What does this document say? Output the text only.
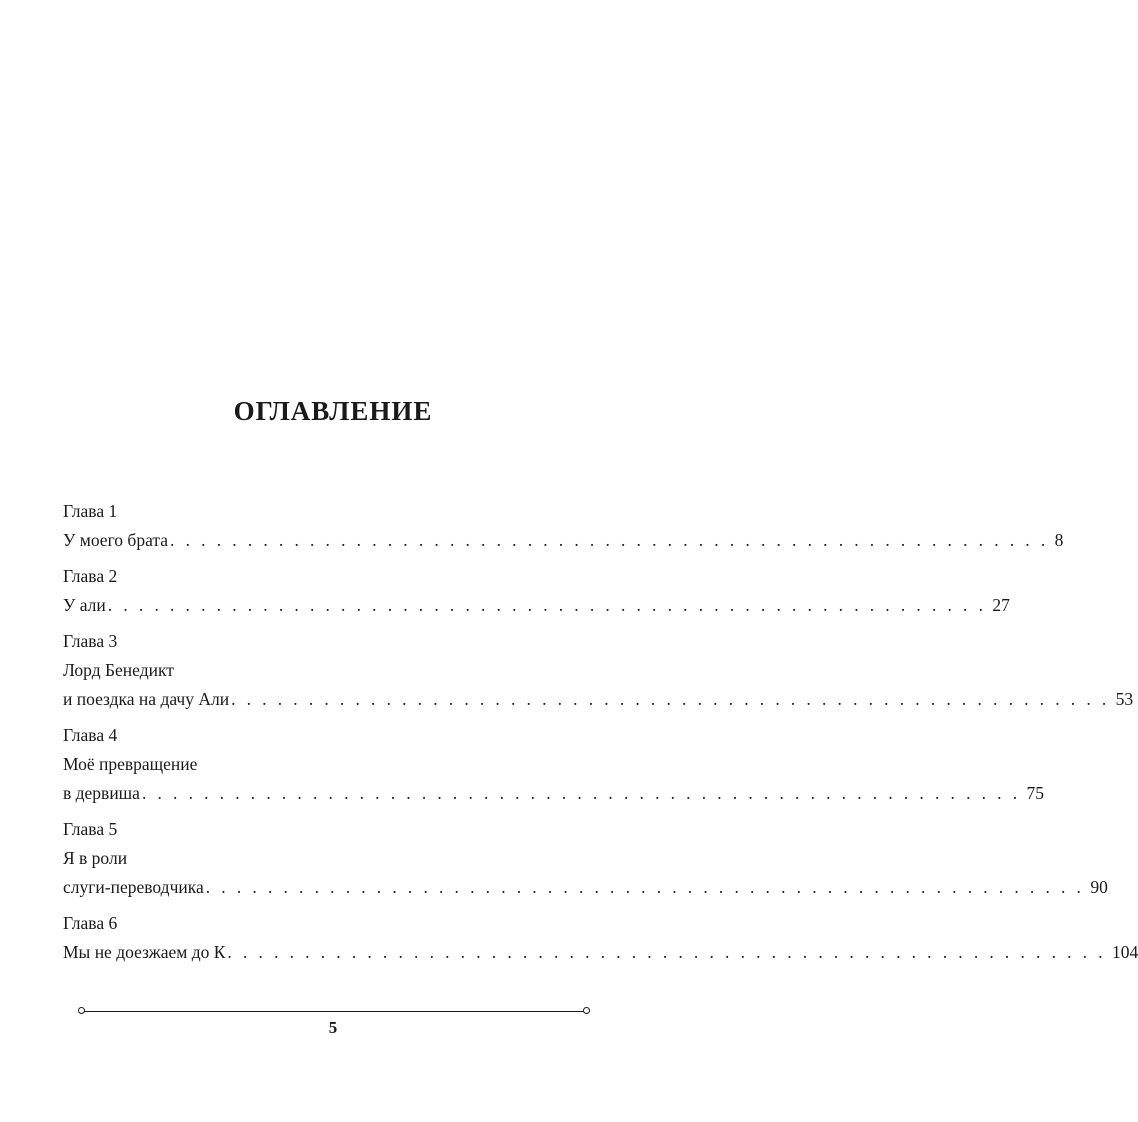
ОГЛАВЛЕНИЕ
Глава 1
У моего брата . . . . . . . . . . . . . . . . . . . . . . . . . . . . . . . . . . . . . . . . . . . . . . . . . . . . . . . . . 8
Глава 2
У али . . . . . . . . . . . . . . . . . . . . . . . . . . . . . . . . . . . . . . . . . . . . . . . . . . . . . . . . . 27
Глава 3
Лорд Бенедикт
и поездка на дачу Али . . . . . . . . . . . . . . . . . . . . . . . . . . . . . . . . . . . . . . . . . . . . . . . . . . . . . . . . . 53
Глава 4
Моё превращение
в дервиша . . . . . . . . . . . . . . . . . . . . . . . . . . . . . . . . . . . . . . . . . . . . . . . . . . . . . . . . . 75
Глава 5
Я в роли
слуги-переводчика . . . . . . . . . . . . . . . . . . . . . . . . . . . . . . . . . . . . . . . . . . . . . . . . . . . . . . . . . 90
Глава 6
Мы не доезжаем до К . . . . . . . . . . . . . . . . . . . . . . . . . . . . . . . . . . . . . . . . . . . . . . . . . . . . . . . . . 104
5
